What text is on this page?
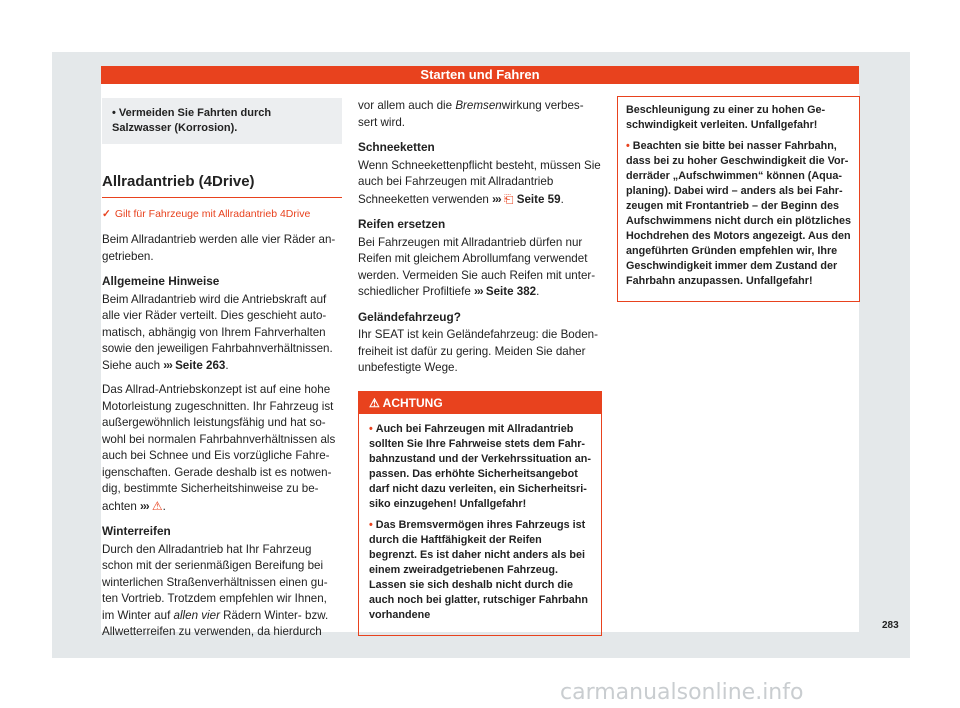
Starten und Fahren
• Vermeiden Sie Fahrten durch Salzwasser (Korrosion).
Allradantrieb (4Drive)
✓ Gilt für Fahrzeuge mit Allradantrieb 4Drive

Beim Allradantrieb werden alle vier Räder an-getrieben.

Allgemeine Hinweise

Beim Allradantrieb wird die Antriebskraft auf alle vier Räder verteilt. Dies geschieht auto-matisch, abhängig von Ihrem Fahrverhalten sowie den jeweiligen Fahrbahnverhältnissen. Siehe auch ››› Seite 263.

Das Allrad-Antriebskonzept ist auf eine hohe Motorleistung zugeschnitten. Ihr Fahrzeug ist außergewöhnlich leistungsfähig und hat so-wohl bei normalen Fahrbahnverhältnissen als auch bei Schnee und Eis vorzügliche Fahre-igenschaften. Gerade deshalb ist es notwen-dig, bestimmte Sicherheitshinweise zu be-achten ››› ⚠.

Winterreifen

Durch den Allradantrieb hat Ihr Fahrzeug schon mit der serienmäßigen Bereifung bei winterlichen Straßenverhältnissen einen gu-ten Vortrieb. Trotzdem empfehlen wir Ihnen, im Winter auf allen vier Rädern Winter- bzw. Allwetterreifen zu verwenden, da hierdurch

vor allem auch die Bremsenwirkung verbes-sert wird.

Schneeketten

Wenn Schneekettenpflicht besteht, müssen Sie auch bei Fahrzeugen mit Allradantrieb Schneeketten verwenden ››› ⎗ Seite 59.

Reifen ersetzen

Bei Fahrzeugen mit Allradantrieb dürfen nur Reifen mit gleichem Abrollumfang verwendet werden. Vermeiden Sie auch Reifen mit unter-schiedlicher Profiltiefe ››› Seite 382.

Geländefahrzeug?

Ihr SEAT ist kein Geländefahrzeug: die Boden-freiheit ist dafür zu gering. Meiden Sie daher unbefestigte Wege.

⚠ ACHTUNG

• Auch bei Fahrzeugen mit Allradantrieb sollten Sie Ihre Fahrweise stets dem Fahr-bahnzustand und der Verkehrssituation an-passen. Das erhöhte Sicherheitsangebot darf nicht dazu verleiten, ein Sicherheitsri-siko einzugehen! Unfallgefahr!

• Das Bremsvermögen ihres Fahrzeugs ist durch die Haftfähigkeit der Reifen begrenzt. Es ist daher nicht anders als bei einem zweiradgetriebenen Fahrzeug. Lassen sie sich deshalb nicht durch die auch noch bei glatter, rutschiger Fahrbahn vorhandene

Beschleunigung zu einer zu hohen Ge-schwindigkeit verleiten. Unfallgefahr!

• Beachten sie bitte bei nasser Fahrbahn, dass bei zu hoher Geschwindigkeit die Vor-derräder „Aufschwimmen“ können (Aqua-planing). Dabei wird – anders als bei Fahr-zeugen mit Frontantrieb – der Beginn des Aufschwimmens nicht durch ein plötzliches Hochdrehen des Motors angezeigt. Aus den angeführten Gründen empfehlen wir, Ihre Geschwindigkeit immer dem Zustand der Fahrbahn anzupassen. Unfallgefahr!

283
carmanualsonline.info
